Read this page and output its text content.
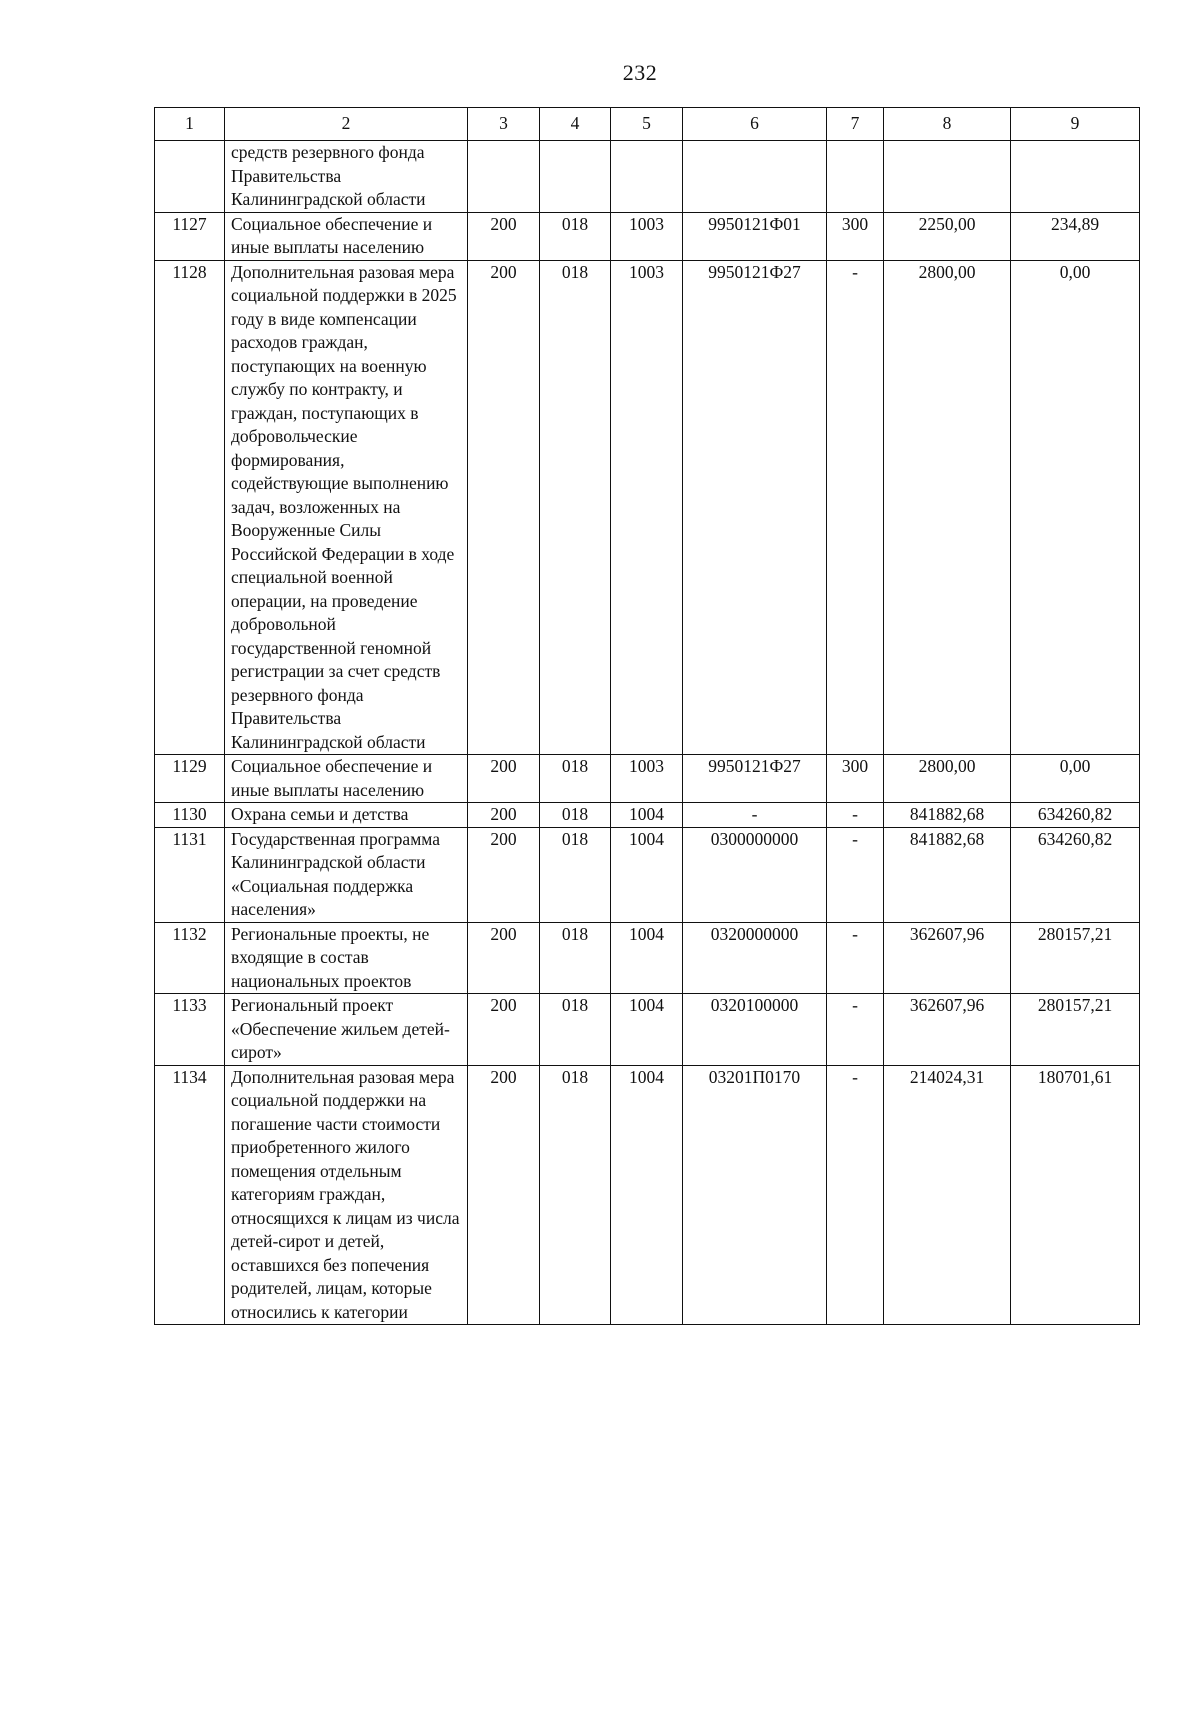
232
1	2	3	4	5	6	7	8	9
	средств резервного фонда Правительства Калининградской области							
1127	Социальное обеспечение и иные выплаты населению	200	018	1003	9950121Ф01	300	2250,00	234,89
1128	Дополнительная разовая мера социальной поддержки в 2025 году в виде компенсации расходов граждан, поступающих на военную службу по контракту, и граждан, поступающих в добровольческие формирования, содействующие выполнению задач, возложенных на Вооруженные Силы Российской Федерации в ходе специальной военной операции, на проведение добровольной государственной геномной регистрации за счет средств резервного фонда Правительства Калининградской области	200	018	1003	9950121Ф27	-	2800,00	0,00
1129	Социальное обеспечение и иные выплаты населению	200	018	1003	9950121Ф27	300	2800,00	0,00
1130	Охрана семьи и детства	200	018	1004	-	-	841882,68	634260,82
1131	Государственная программа Калининградской области «Социальная поддержка населения»	200	018	1004	0300000000	-	841882,68	634260,82
1132	Региональные проекты, не входящие в состав национальных проектов	200	018	1004	0320000000	-	362607,96	280157,21
1133	Региональный проект «Обеспечение жильем детей-сирот»	200	018	1004	0320100000	-	362607,96	280157,21
1134	Дополнительная разовая мера социальной поддержки на погашение части стоимости приобретенного жилого помещения отдельным категориям граждан, относящихся к лицам из числа детей-сирот и детей, оставшихся без попечения родителей, лицам, которые относились к категории	200	018	1004	03201П0170	-	214024,31	180701,61
